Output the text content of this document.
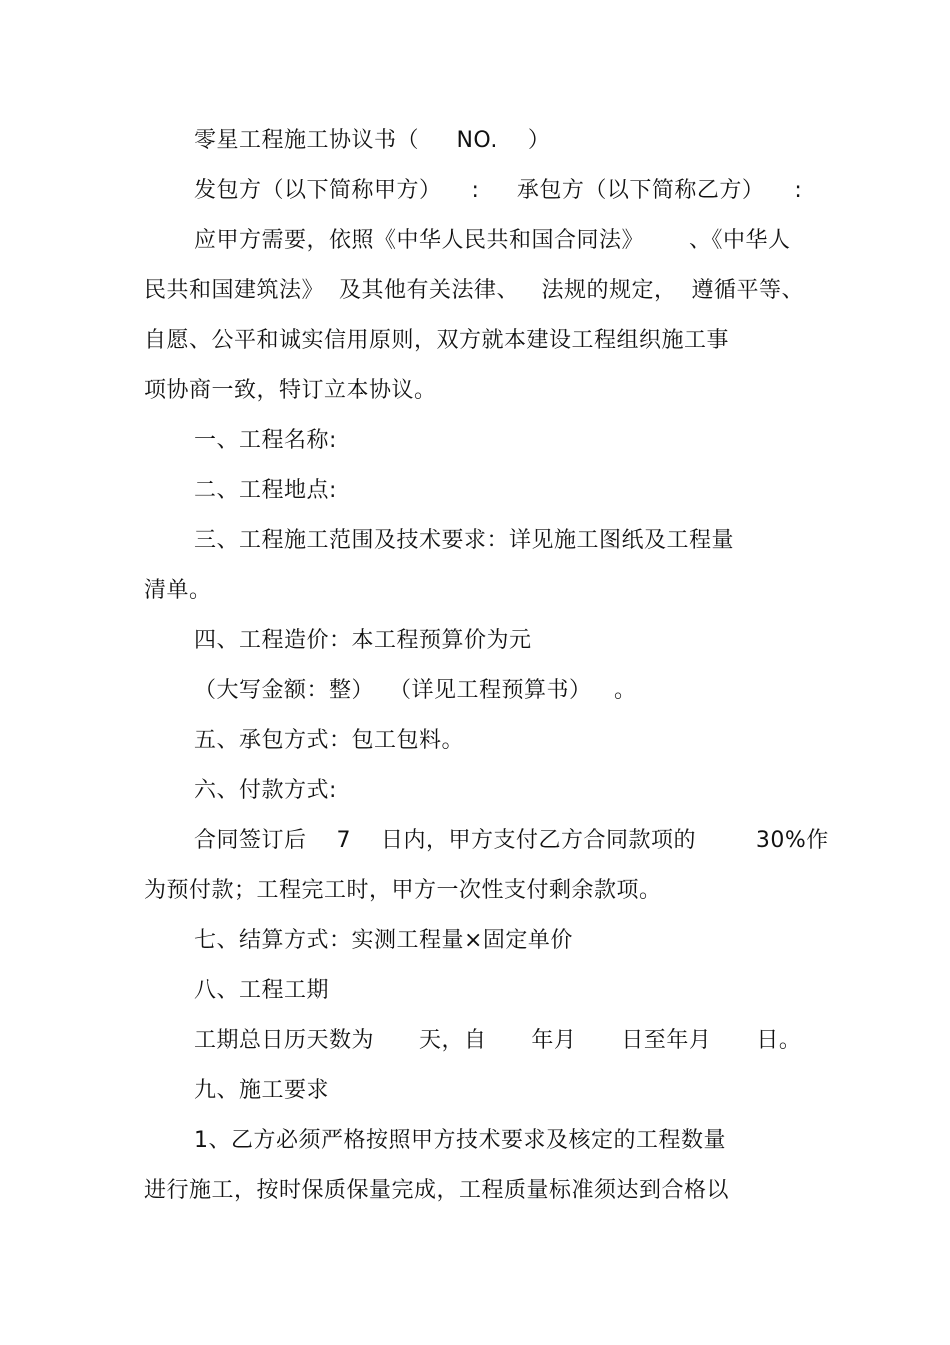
零星工程施工协议书（     NO.    ）
发包方（以下简称甲方）    :     承包方（以下简称乙方）    :
应甲方需要，依照《中华人民共和国合同法》      、《中华人
民共和国建筑法》  及其他有关法律、   法规的规定，  遵循平等、
自愿、公平和诚实信用原则，双方就本建设工程组织施工事
项协商一致，特订立本协议。
一、工程名称:
二、工程地点:
三、工程施工范围及技术要求：详见施工图纸及工程量
清单。
四、工程造价：本工程预算价为元
（大写金额：整）  （详见工程预算书）   。
五、承包方式：包工包料。
六、付款方式:
合同签订后    7    日内，甲方支付乙方合同款项的        30%作
为预付款；工程完工时，甲方一次性支付剩余款项。
七、结算方式：实测工程量×固定单价
八、工程工期
工期总日历天数为      天，自      年月      日至年月      日。
九、施工要求
1、乙方必须严格按照甲方技术要求及核定的工程数量
进行施工，按时保质保量完成，工程质量标准须达到合格以
